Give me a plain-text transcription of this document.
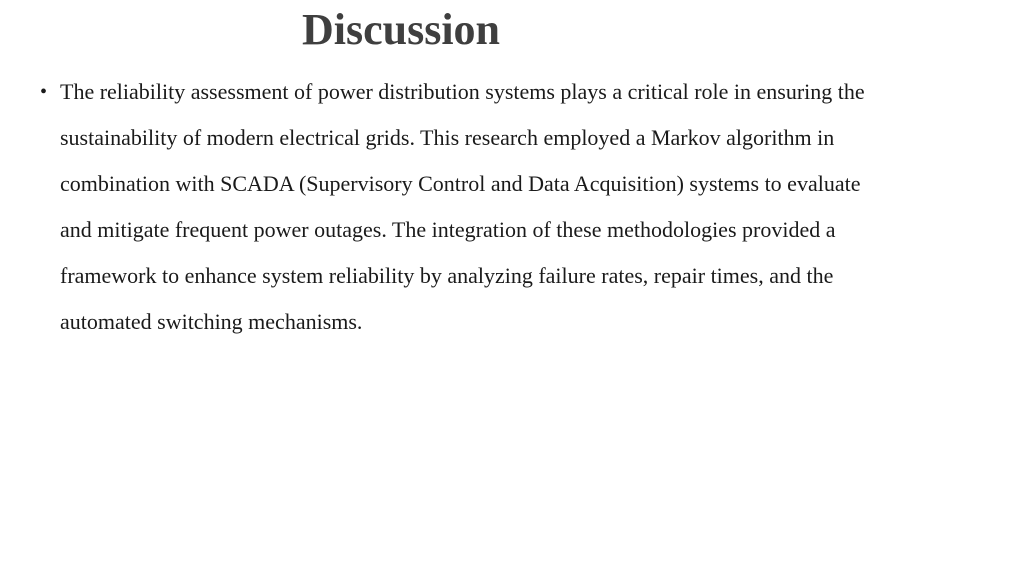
Discussion
• The reliability assessment of power distribution systems plays a critical role in ensuring the sustainability of modern electrical grids. This research employed a Markov algorithm in combination with SCADA (Supervisory Control and Data Acquisition) systems to evaluate and mitigate frequent power outages. The integration of these methodologies provided a framework to enhance system reliability by analyzing failure rates, repair times, and the automated switching mechanisms.
